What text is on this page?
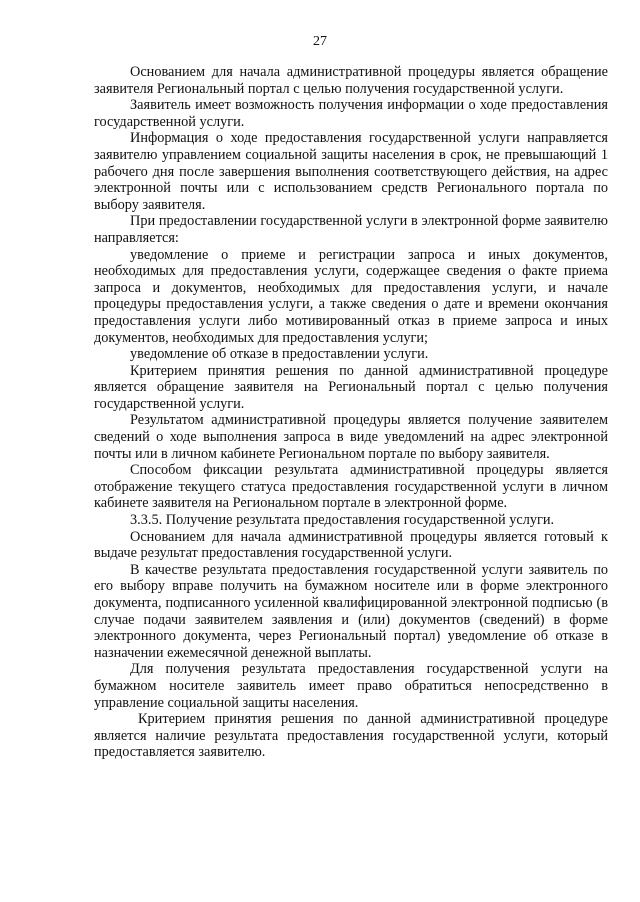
27

Основанием для начала административной процедуры является обращение заявителя Региональный портал с целью получения государственной услуги.

Заявитель имеет возможность получения информации о ходе предоставления государственной услуги.

Информация о ходе предоставления государственной услуги направляется заявителю управлением социальной защиты населения в срок, не превышающий 1 рабочего дня после завершения выполнения соответствующего действия, на адрес электронной почты или с использованием средств Регионального портала по выбору заявителя.

При предоставлении государственной услуги в электронной форме заявителю направляется:

уведомление о приеме и регистрации запроса и иных документов, необходимых для предоставления услуги, содержащее сведения о факте приема запроса и документов, необходимых для предоставления услуги, и начале процедуры предоставления услуги, а также сведения о дате и времени окончания предоставления услуги либо мотивированный отказ в приеме запроса и иных документов, необходимых для предоставления услуги;

уведомление об отказе в предоставлении услуги.

Критерием принятия решения по данной административной процедуре является обращение заявителя на Региональный портал с целью получения государственной услуги.

Результатом административной процедуры является получение заявителем сведений о ходе выполнения запроса в виде уведомлений на адрес электронной почты или в личном кабинете Региональном портале по выбору заявителя.

Способом фиксации результата административной процедуры является отображение текущего статуса предоставления государственной услуги в личном кабинете заявителя на Региональном портале в электронной форме.

3.3.5. Получение результата предоставления государственной услуги.

Основанием для начала административной процедуры является готовый к выдаче результат предоставления государственной услуги.

В качестве результата предоставления государственной услуги заявитель по его выбору вправе получить на бумажном носителе или в форме электронного документа, подписанного усиленной квалифицированной электронной подписью (в случае подачи заявителем заявления и (или) документов (сведений) в форме электронного документа, через Региональный портал) уведомление об отказе в назначении ежемесячной денежной выплаты.

Для получения результата предоставления государственной услуги на бумажном носителе заявитель имеет право обратиться непосредственно в управление социальной защиты населения.

Критерием принятия решения по данной административной процедуре является наличие результата предоставления государственной услуги, который предоставляется заявителю.
